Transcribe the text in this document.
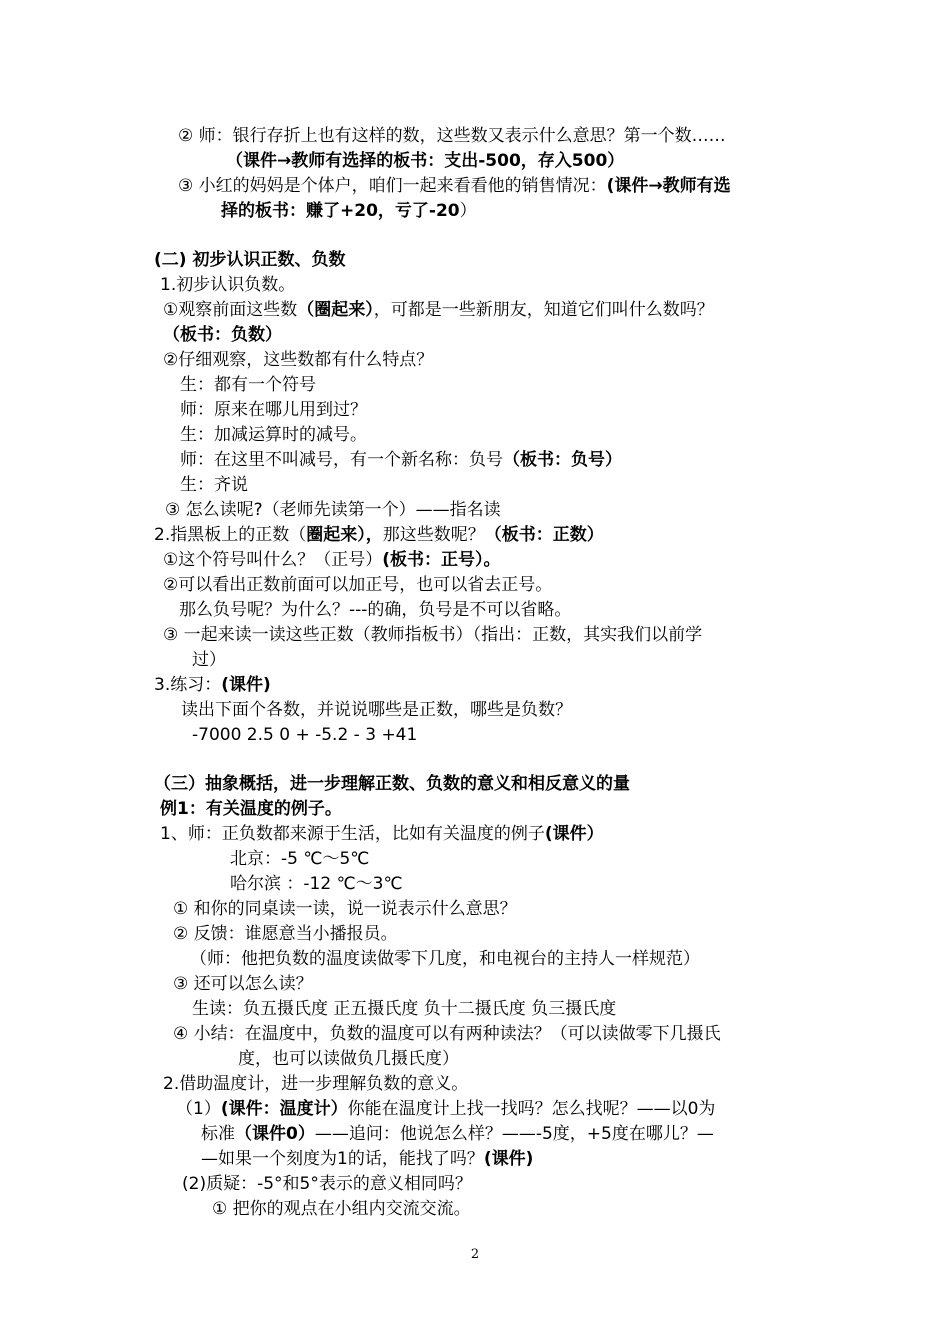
② 师：银行存折上也有这样的数，这些数又表示什么意思？第一个数……
（课件→教师有选择的板书：支出-500，存入500）
③ 小红的妈妈是个体户，咱们一起来看看他的销售情况：(课件→教师有选
择的板书：赚了+20，亏了-20）
(二) 初步认识正数、负数
1.初步认识负数。
①观察前面这些数（圈起来），可都是一些新朋友，知道它们叫什么数吗？
（板书：负数）
②仔细观察，这些数都有什么特点？
生：都有一个符号
师：原来在哪儿用到过？
生：加减运算时的减号。
师：在这里不叫减号，有一个新名称：负号（板书：负号）
生：齐说
③ 怎么读呢?（老师先读第一个）——指名读
2.指黑板上的正数（圈起来），那这些数呢？（板书：正数）
①这个符号叫什么？（正号）(板书：正号）。
②可以看出正数前面可以加正号，也可以省去正号。
那么负号呢？为什么？---的确，负号是不可以省略。
③ 一起来读一读这些正数（教师指板书）（指出：正数，其实我们以前学
过）
3.练习：(课件)
读出下面个各数，并说说哪些是正数，哪些是负数？
-7000 2.5 0 + -5.2 - 3 +41
（三）抽象概括，进一步理解正数、负数的意义和相反意义的量
例1：有关温度的例子。
1、师：正负数都来源于生活，比如有关温度的例子(课件）
北京：-5 ℃～5℃
哈尔滨 ：-12 ℃～3℃
① 和你的同桌读一读，说一说表示什么意思？
② 反馈：谁愿意当小播报员。
（师：他把负数的温度读做零下几度，和电视台的主持人一样规范）
③ 还可以怎么读？
生读：负五摄氏度 正五摄氏度 负十二摄氏度 负三摄氏度
④ 小结：在温度中，负数的温度可以有两种读法？（可以读做零下几摄氏
度，也可以读做负几摄氏度）
2.借助温度计，进一步理解负数的意义。
（1）(课件：温度计）你能在温度计上找一找吗？怎么找呢？——以0为
标准（课件0）——追问：他说怎么样？——-5度，+5度在哪儿？—
—如果一个刻度为1的话，能找了吗？(课件)
(2)质疑：-5°和5°表示的意义相同吗？
① 把你的观点在小组内交流交流。
2
